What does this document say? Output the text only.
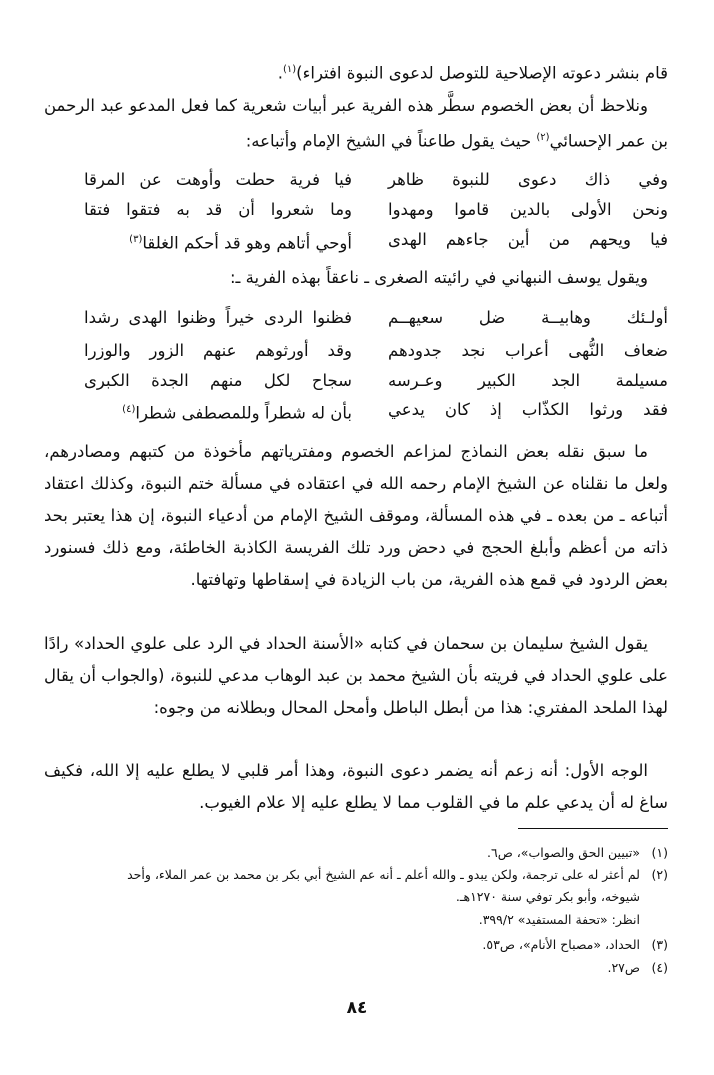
قام بنشر دعوته الإصلاحية للتوصل لدعوى النبوة افتراء)$^{(١)}$.
ونلاحظ أن بعض الخصوم سطَّر هذه الفرية عبر أبيات شعرية كما فعل المدعو عبد الرحمن بن عمر الإحسائي$^{(٢)}$ حيث يقول طاعناً في الشيخ الإمام وأتباعه:
وفي ذاك دعوى للنبوة ظاهر
فيا فرية حطت وأوهت عن المرقا
ونحن الأولى بالدين قاموا ومهدوا
وما شعروا أن قد به فتقوا فتقا
فيا ويحهم من أين جاءهم الهدى
أوحي أتاهم وهو قد أحكم الغلقا$^{(٣)}$
ويقول يوسف النبهاني في رائيته الصغرى ـ ناعقاً بهذه الفرية ـ:
أولـئك وهابيــة ضل سعيهــم
فظنوا الردى خيراً وظنوا الهدى رشدا
ضعاف النُّهى أعراب نجد جدودهم
وقد أورثوهم عنهم الزور والوزرا
مسيلمة الجد الكبير وعـرسه
سجاح لكل منهم الجدة الكبرى
فقد ورثوا الكذّاب إذ كان يدعي
بأن له شطراً وللمصطفى شطرا$^{(٤)}$
ما سبق نقله بعض النماذج لمزاعم الخصوم ومفترياتهم مأخوذة من كتبهم ومصادرهم، ولعل ما نقلناه عن الشيخ الإمام رحمه الله في اعتقاده في مسألة ختم النبوة، وكذلك اعتقاد أتباعه ـ من بعده ـ في هذه المسألة، وموقف الشيخ الإمام من أدعياء النبوة، إن هذا يعتبر بحد ذاته من أعظم وأبلغ الحجج في دحض ورد تلك الفريسة الكاذبة الخاطئة، ومع ذلك فسنورد بعض الردود في قمع هذه الفرية، من باب الزيادة في إسقاطها وتهافتها.
يقول الشيخ سليمان بن سحمان في كتابه «الأسنة الحداد في الرد على علوي الحداد» رادًا على علوي الحداد في فريته بأن الشيخ محمد بن عبد الوهاب مدعي للنبوة، (والجواب أن يقال لهذا الملحد المفتري: هذا من أبطل الباطل وأمحل المحال وبطلانه من وجوه:
الوجه الأول: أنه زعم أنه يضمر دعوى النبوة، وهذا أمر قلبي لا يطلع عليه إلا الله، فكيف ساغ له أن يدعي علم ما في القلوب مما لا يطلع عليه إلا علام الغيوب.
(١)«تبيين الحق والصواب»، ص٦.
(٢)لم أعثر له على ترجمة، ولكن يبدو ـ والله أعلم ـ أنه عم الشيخ أبي بكر بن محمد بن عمر الملاء، وأحد
شيوخه، وأبو بكر توفي سنة ١٢٧٠هـ.
انظر: «تحفة المستفيد» ٣٩٩/٢.
(٣)الحداد، «مصباح الأنام»، ص٥٣.
(٤)ص٢٧.
٨٤
